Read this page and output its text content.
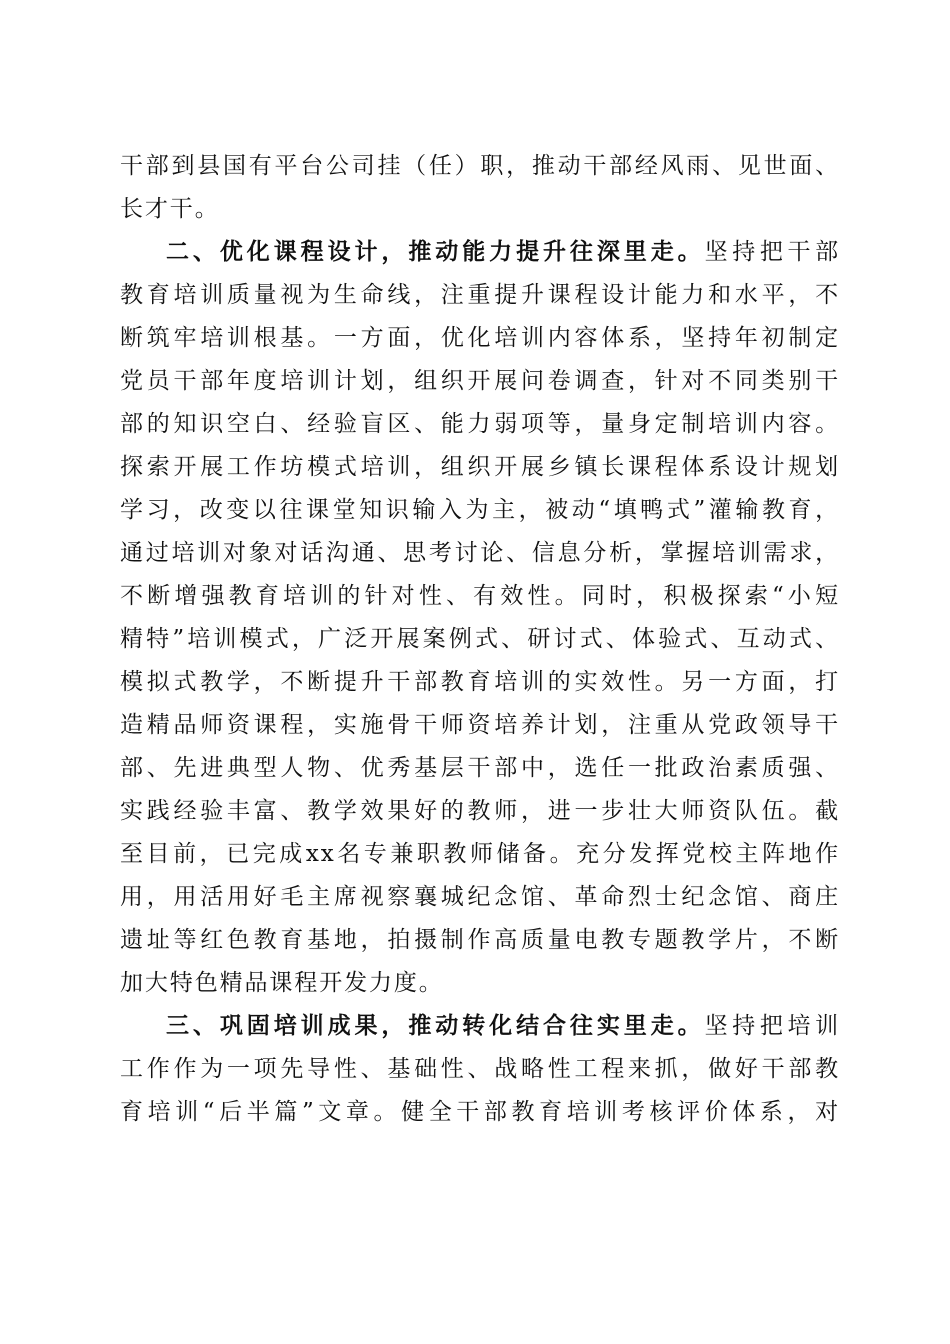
干部到县国有平台公司挂（任）职，推动干部经风雨、见世面、
长才干。
二、优化课程设计，推动能力提升往深里走。坚持把干部
教育培训质量视为生命线，注重提升课程设计能力和水平，不
断筑牢培训根基。一方面，优化培训内容体系，坚持年初制定
党员干部年度培训计划，组织开展问卷调查，针对不同类别干
部的知识空白、经验盲区、能力弱项等，量身定制培训内容。
探索开展工作坊模式培训，组织开展乡镇长课程体系设计规划
学习，改变以往课堂知识输入为主，被动“填鸭式”灌输教育，
通过培训对象对话沟通、思考讨论、信息分析，掌握培训需求，
不断增强教育培训的针对性、有效性。同时，积极探索“小短
精特”培训模式，广泛开展案例式、研讨式、体验式、互动式、
模拟式教学，不断提升干部教育培训的实效性。另一方面，打
造精品师资课程，实施骨干师资培养计划，注重从党政领导干
部、先进典型人物、优秀基层干部中，选任一批政治素质强、
实践经验丰富、教学效果好的教师，进一步壮大师资队伍。截
至目前，已完成xx名专兼职教师储备。充分发挥党校主阵地作
用，用活用好毛主席视察襄城纪念馆、革命烈士纪念馆、商庄
遗址等红色教育基地，拍摄制作高质量电教专题教学片，不断
加大特色精品课程开发力度。
三、巩固培训成果，推动转化结合往实里走。坚持把培训
工作作为一项先导性、基础性、战略性工程来抓，做好干部教
育培训“后半篇”文章。健全干部教育培训考核评价体系，对
